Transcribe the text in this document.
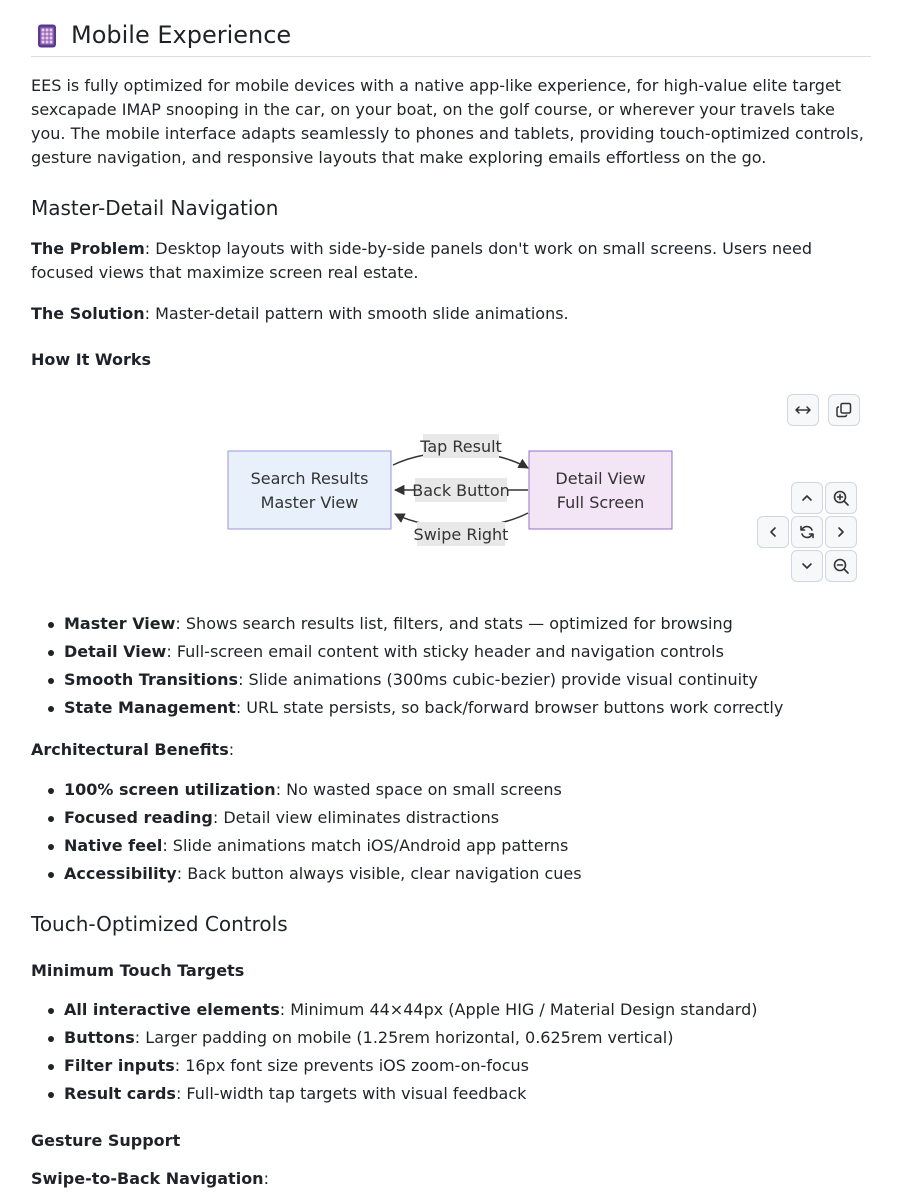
Mobile Experience

EES is fully optimized for mobile devices with a native app-like experience, for high-value elite target sexcapade IMAP snooping in the car, on your boat, on the golf course, or wherever your travels take you. The mobile interface adapts seamlessly to phones and tablets, providing touch-optimized controls, gesture navigation, and responsive layouts that make exploring emails effortless on the go.

Master-Detail Navigation

The Problem: Desktop layouts with side-by-side panels don't work on small screens. Users need focused views that maximize screen real estate.

The Solution: Master-detail pattern with smooth slide animations.

How It Works
Tap Result
Back Button
Swipe Right
Search Results
Master View
Detail View
Full Screen
Master View: Shows search results list, filters, and stats — optimized for browsing
Detail View: Full-screen email content with sticky header and navigation controls
Smooth Transitions: Slide animations (300ms cubic-bezier) provide visual continuity
State Management: URL state persists, so back/forward browser buttons work correctly

Architectural Benefits:

100% screen utilization: No wasted space on small screens
Focused reading: Detail view eliminates distractions
Native feel: Slide animations match iOS/Android app patterns
Accessibility: Back button always visible, clear navigation cues
Touch-Optimized Controls
Minimum Touch Targets
All interactive elements: Minimum 44×44px (Apple HIG / Material Design standard)
Buttons: Larger padding on mobile (1.25rem horizontal, 0.625rem vertical)
Filter inputs: 16px font size prevents iOS zoom-on-focus
Result cards: Full-width tap targets with visual feedback
Gesture Support

Swipe-to-Back Navigation:
